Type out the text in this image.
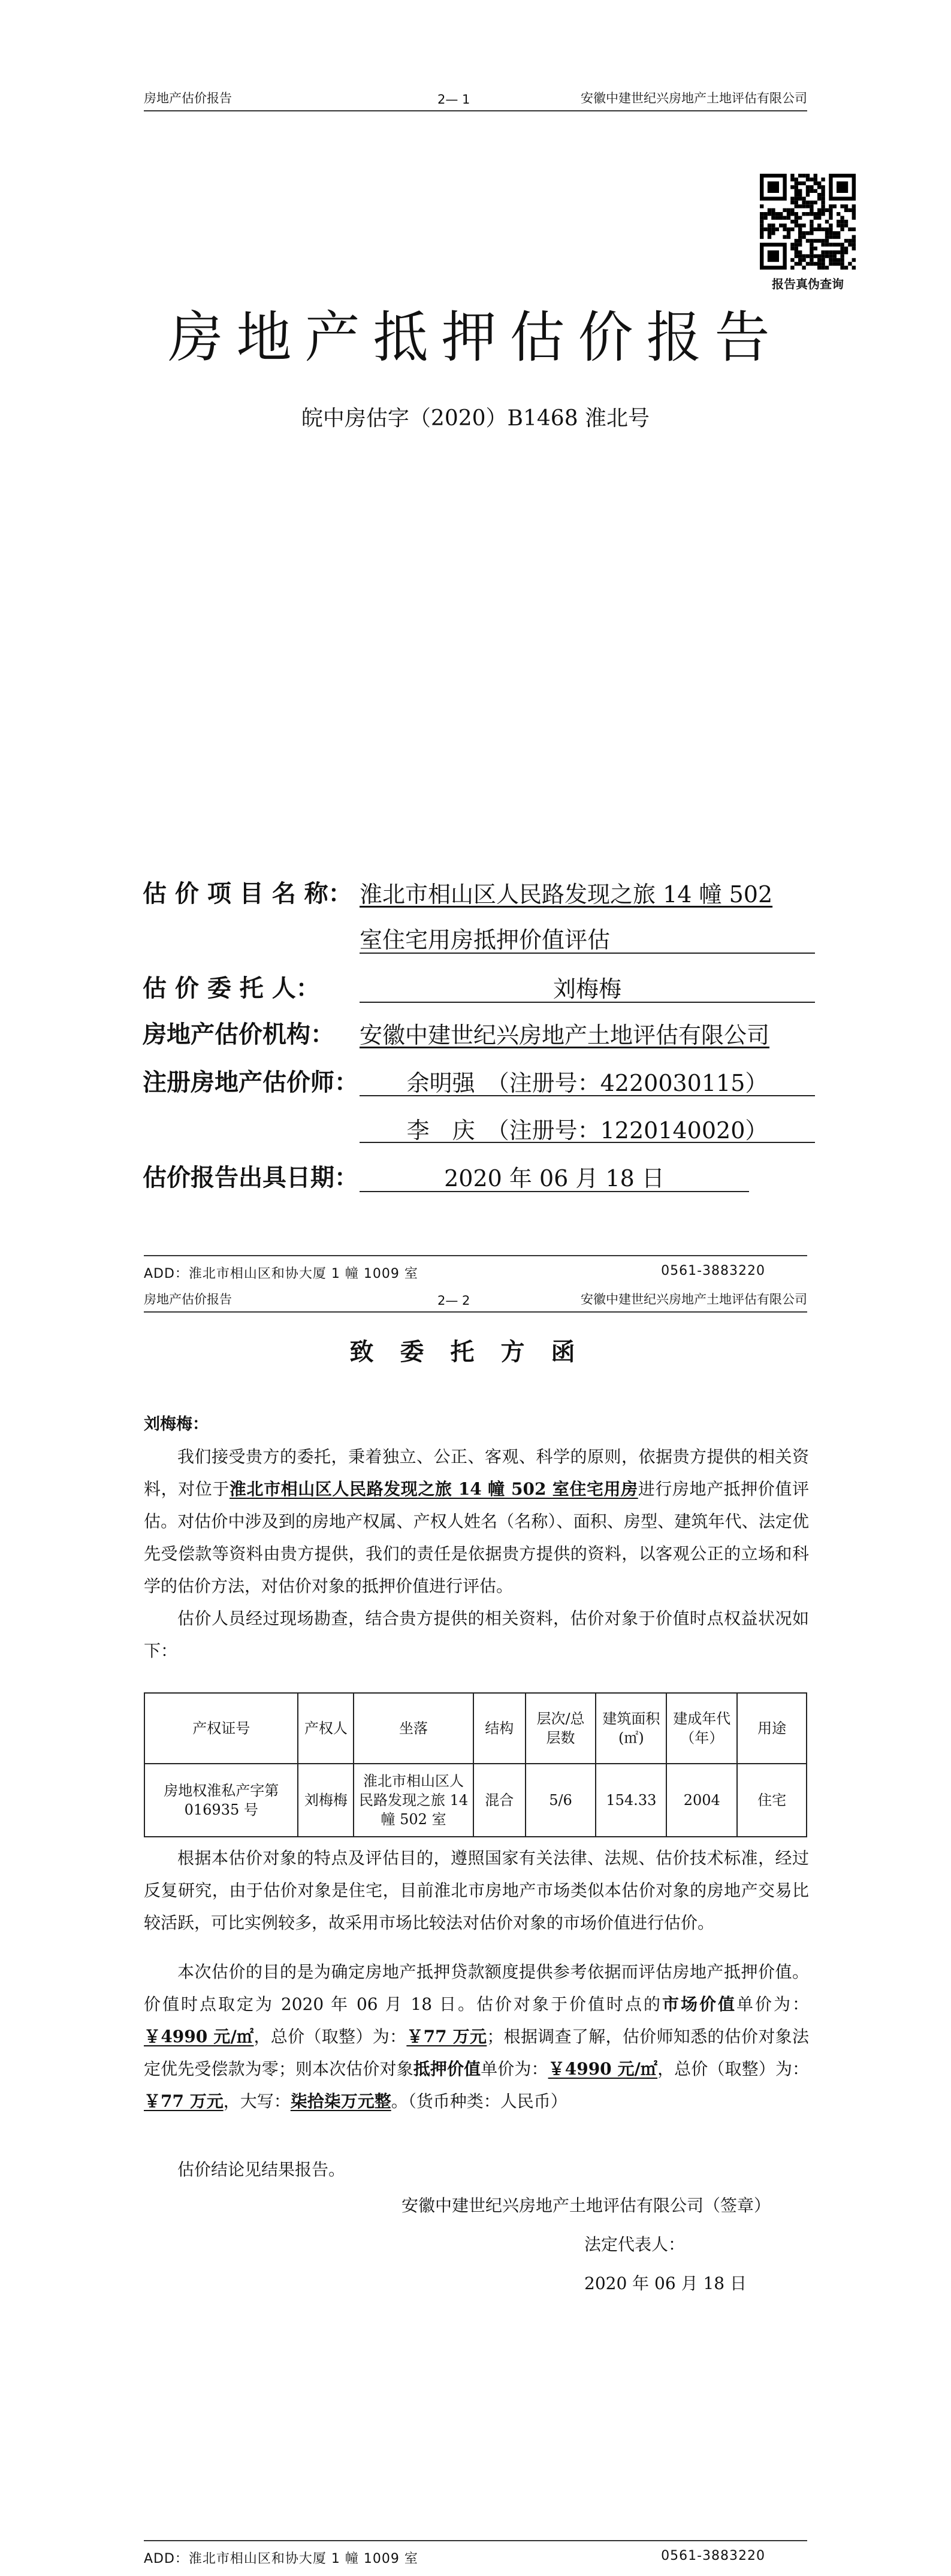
房地产估价报告	2— 1	安徽中建世纪兴房地产土地评估有限公司
报告真伪查询
房地产抵押估价报告
皖中房估字（2020）B1468 淮北号
估 价 项 目 名 称： 淮北市相山区人民路发现之旅 14 幢 502
室住宅用房抵押价值评估
估 价 委 托 人：	刘梅梅
房地产估价机构： 安徽中建世纪兴房地产土地评估有限公司
注册房地产估价师：	余明强　（注册号：4220030115）
李　庆　（注册号：1220140020）
估价报告出具日期：	2020 年 06 月 18 日
ADD：淮北市相山区和协大厦 1 幢 1009 室	0561-3883220
房地产估价报告	2— 2	安徽中建世纪兴房地产土地评估有限公司
致委托方函
刘梅梅：

我们接受贵方的委托，秉着独立、公正、客观、科学的原则，依据贵方提供的相关资料，对位于淮北市相山区人民路发现之旅 14 幢 502 室住宅用房进行房地产抵押价值评估。对估价中涉及到的房地产权属、产权人姓名（名称）、面积、房型、建筑年代、法定优先受偿款等资料由贵方提供，我们的责任是依据贵方提供的资料，以客观公正的立场和科学的估价方法，对估价对象的抵押价值进行评估。

估价人员经过现场勘查，结合贵方提供的相关资料，估价对象于价值时点权益状况如下：

产权证号	产权人	坐落	结构	层次/总层数	建筑面积(㎡)	建成年代（年）	用途
房地权淮私产字第 016935 号	刘梅梅	淮北市相山区人民路发现之旅 14 幢 502 室	混合	5/6	154.33	2004	住宅

根据本估价对象的特点及评估目的，遵照国家有关法律、法规、估价技术标准，经过反复研究，由于估价对象是住宅，目前淮北市房地产市场类似本估价对象的房地产交易比较活跃，可比实例较多，故采用市场比较法对估价对象的市场价值进行估价。

本次估价的目的是为确定房地产抵押贷款额度提供参考依据而评估房地产抵押价值。价值时点取定为 2020 年 06 月 18 日。估价对象于价值时点的市场价值单价为：￥4990 元/㎡，总价（取整）为：￥77 万元；根据调查了解，估价师知悉的估价对象法定优先受偿款为零；则本次估价对象抵押价值单价为：￥4990 元/㎡，总价（取整）为：￥77 万元，大写：柒拾柒万元整。（货币种类：人民币）

估价结论见结果报告。

安徽中建世纪兴房地产土地评估有限公司（签章）
法定代表人：
2020 年 06 月 18 日
ADD：淮北市相山区和协大厦 1 幢 1009 室	0561-3883220
